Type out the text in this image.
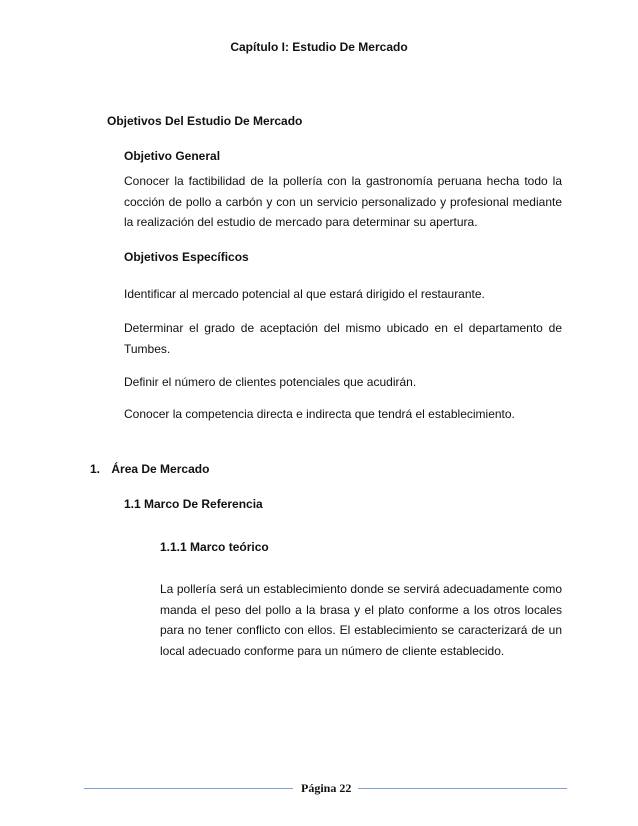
Capítulo I: Estudio De Mercado
Objetivos Del Estudio De Mercado
Objetivo General

Conocer la factibilidad de la pollería con la gastronomía peruana hecha todo la cocción de pollo a carbón y con un servicio personalizado y profesional mediante la realización del estudio de mercado para determinar su apertura.

Objetivos Específicos

Identificar al mercado potencial al que estará dirigido el restaurante.

Determinar el grado de aceptación del mismo ubicado en el departamento de Tumbes.

Definir el número de clientes potenciales que acudirán.

Conocer la competencia directa e indirecta que tendrá el establecimiento.

1. Área De Mercado
1.1 Marco De Referencia
1.1.1 Marco teórico

La pollería será un establecimiento donde se servirá adecuadamente como manda el peso del pollo a la brasa y el plato conforme a los otros locales para no tener conflicto con ellos. El establecimiento se caracterizará de un local adecuado conforme para un número de cliente establecido.

Página 22
